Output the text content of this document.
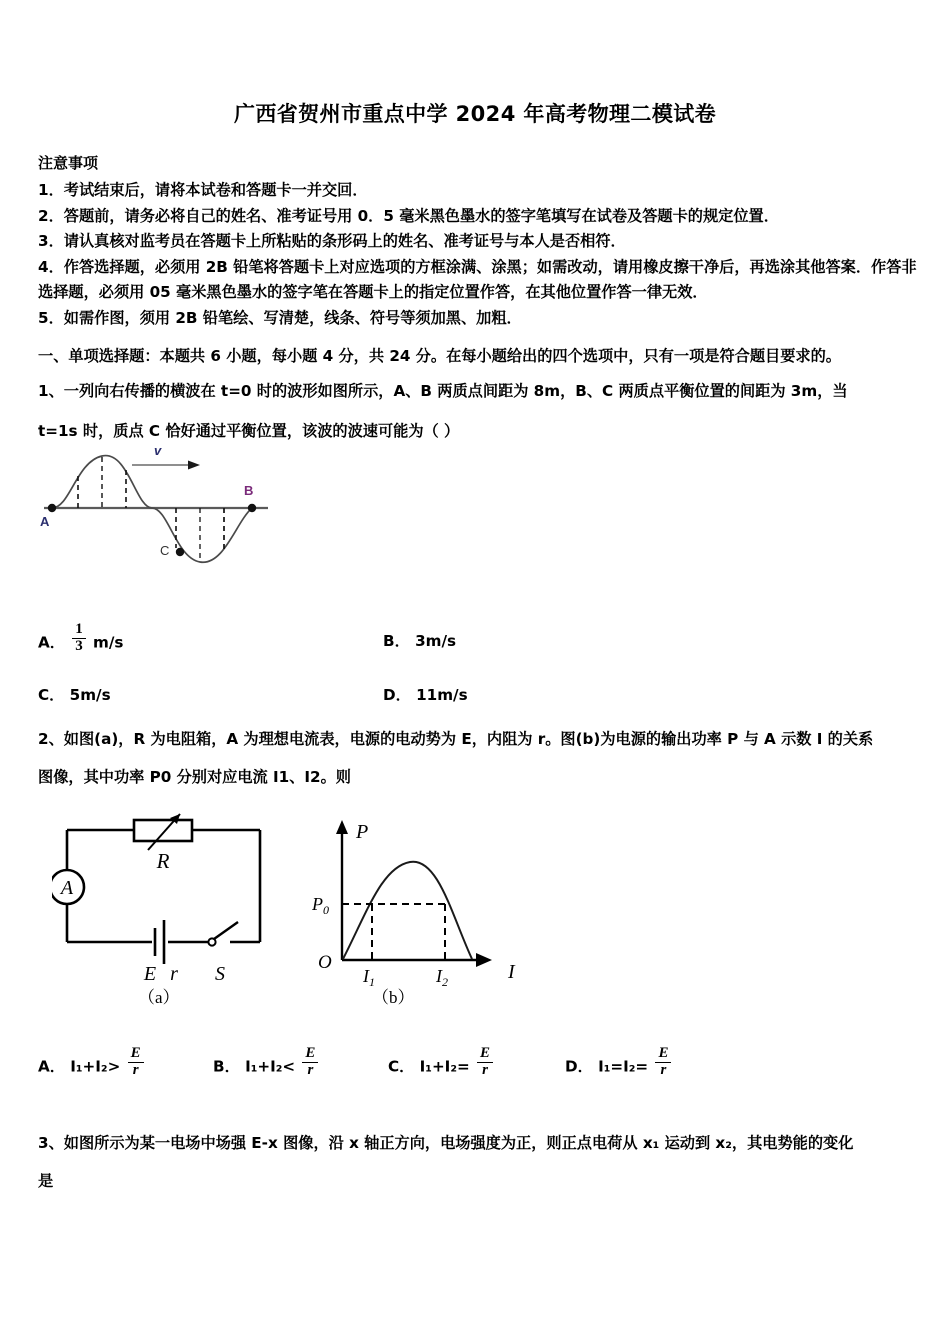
广西省贺州市重点中学 2024 年高考物理二模试卷
注意事项
1．考试结束后，请将本试卷和答题卡一并交回．
2．答题前，请务必将自己的姓名、准考证号用 0．5 毫米黑色墨水的签字笔填写在试卷及答题卡的规定位置．
3．请认真核对监考员在答题卡上所粘贴的条形码上的姓名、准考证号与本人是否相符．
4．作答选择题，必须用 2B 铅笔将答题卡上对应选项的方框涂满、涂黑；如需改动，请用橡皮擦干净后，再选涂其他答案．作答非选择题，必须用 05 毫米黑色墨水的签字笔在答题卡上的指定位置作答，在其他位置作答一律无效．
5．如需作图，须用 2B 铅笔绘、写清楚，线条、符号等须加黑、加粗．
一、单项选择题：本题共 6 小题，每小题 4 分，共 24 分。在每小题给出的四个选项中，只有一项是符合题目要求的。
1、一列向右传播的横波在 t=0 时的波形如图所示，A、B 两质点间距为 8m，B、C 两质点平衡位置的间距为 3m，当
t=1s 时，质点 C 恰好通过平衡位置，该波的波速可能为（ ）
A
B
C
v
A． $\frac{1}{3} m/s$	B． 3m/s
C． 5m/s	D． 11m/s
2、如图(a)，R 为电阻箱，A 为理想电流表，电源的电动势为 E，内阻为 r。图(b)为电源的输出功率 P 与 A 示数 I 的关系
图像，其中功率 P0 分别对应电流 I1、I2。则
A
R
E r S
（a）
P
I
O
$P_0$
$I_1$	$I_2$
（b）
A． $I_1+I_2> \frac{E}{r}$	B． $I_1+I_2< \frac{E}{r}$	C． $I_1+I_2= \frac{E}{r}$	D． $I_1=I_2= \frac{E}{r}$
3、如图所示为某一电场中场强 E-x 图像，沿 x 轴正方向，电场强度为正，则正点电荷从 x₁ 运动到 x₂，其电势能的变化
是
